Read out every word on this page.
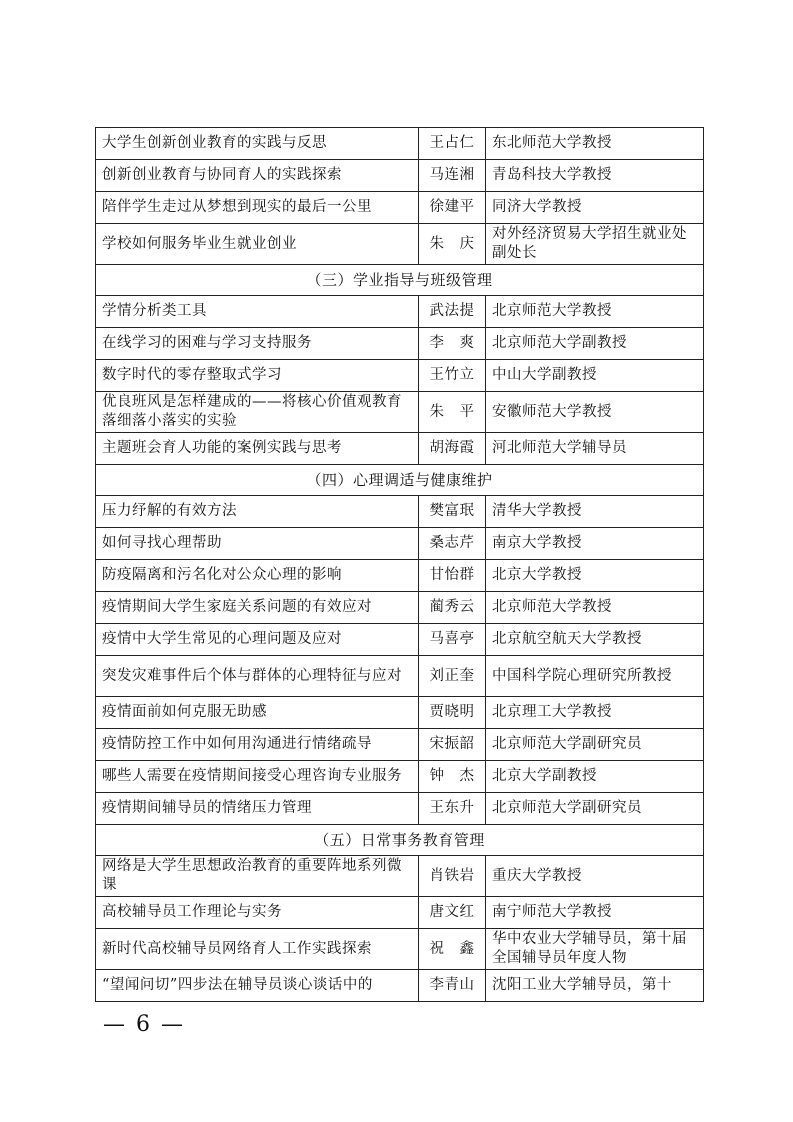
大学生创新创业教育的实践与反思	王占仁	东北师范大学教授
创新创业教育与协同育人的实践探索	马连湘	青岛科技大学教授
陪伴学生走过从梦想到现实的最后一公里	徐建平	同济大学教授
学校如何服务毕业生就业创业	朱　庆	对外经济贸易大学招生就业处副处长
（三）学业指导与班级管理		
学情分析类工具	武法提	北京师范大学教授
在线学习的困难与学习支持服务	李　爽	北京师范大学副教授
数字时代的零存整取式学习	王竹立	中山大学副教授
优良班风是怎样建成的——将核心价值观教育落细落小落实的实验	朱　平	安徽师范大学教授
主题班会育人功能的案例实践与思考	胡海霞	河北师范大学辅导员
（四）心理调适与健康维护		
压力纾解的有效方法	樊富珉	清华大学教授
如何寻找心理帮助	桑志芹	南京大学教授
防疫隔离和污名化对公众心理的影响	甘怡群	北京大学教授
疫情期间大学生家庭关系问题的有效应对	蔺秀云	北京师范大学教授
疫情中大学生常见的心理问题及应对	马喜亭	北京航空航天大学教授
突发灾难事件后个体与群体的心理特征与应对	刘正奎	中国科学院心理研究所教授
疫情面前如何克服无助感	贾晓明	北京理工大学教授
疫情防控工作中如何用沟通进行情绪疏导	宋振韶	北京师范大学副研究员
哪些人需要在疫情期间接受心理咨询专业服务	钟　杰	北京大学副教授
疫情期间辅导员的情绪压力管理	王东升	北京师范大学副研究员
（五）日常事务教育管理		
网络是大学生思想政治教育的重要阵地系列微课	肖铁岩	重庆大学教授
高校辅导员工作理论与实务	唐文红	南宁师范大学教授
新时代高校辅导员网络育人工作实践探索	祝　鑫	华中农业大学辅导员，第十届全国辅导员年度人物
“望闻问切”四步法在辅导员谈心谈话中的	李青山	沈阳工业大学辅导员，第十
— 6 —
